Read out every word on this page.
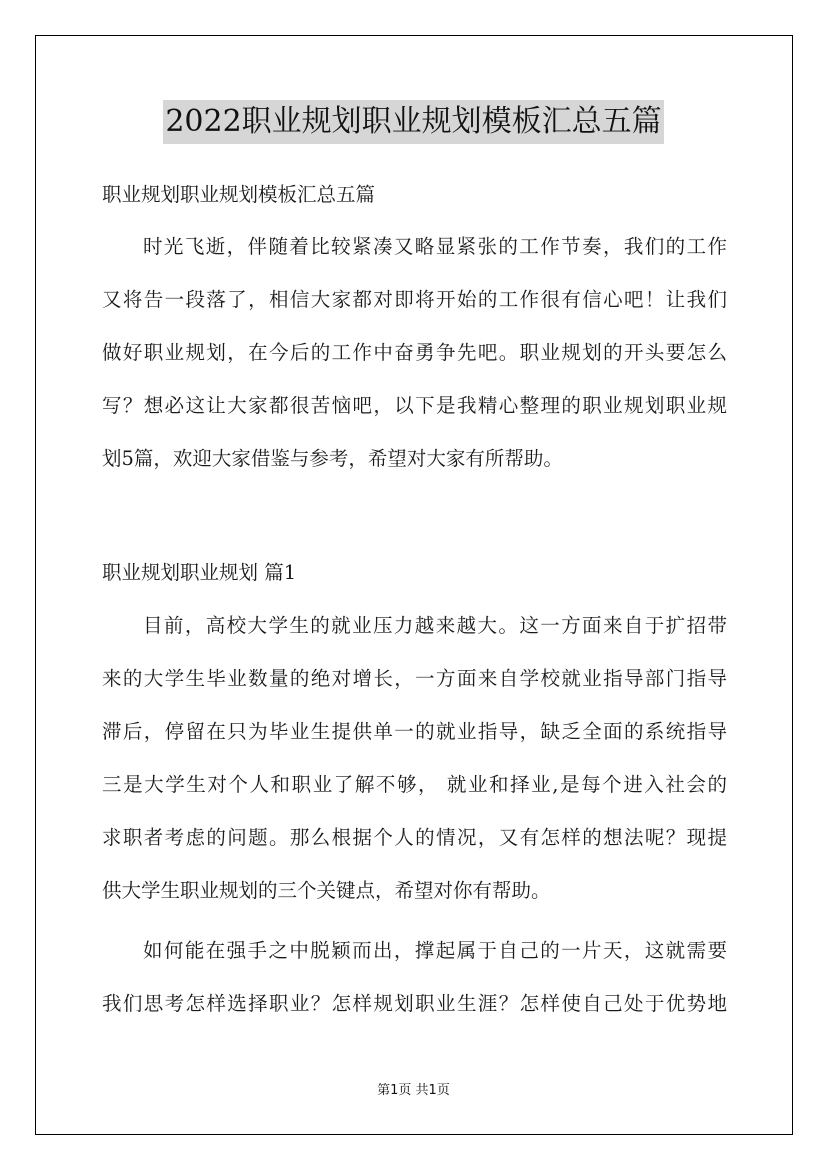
2022职业规划职业规划模板汇总五篇
职业规划职业规划模板汇总五篇
时光飞逝，伴随着比较紧凑又略显紧张的工作节奏，我们的工作
又将告一段落了，相信大家都对即将开始的工作很有信心吧！让我们
做好职业规划，在今后的工作中奋勇争先吧。职业规划的开头要怎么
写？想必这让大家都很苦恼吧，以下是我精心整理的职业规划职业规
划5篇，欢迎大家借鉴与参考，希望对大家有所帮助。
职业规划职业规划 篇1
目前，高校大学生的就业压力越来越大。这一方面来自于扩招带
来的大学生毕业数量的绝对增长，一方面来自学校就业指导部门指导
滞后，停留在只为毕业生提供单一的就业指导，缺乏全面的系统指导
三是大学生对个人和职业了解不够， 就业和择业,是每个进入社会的
求职者考虑的问题。那么根据个人的情况，又有怎样的想法呢？现提
供大学生职业规划的三个关键点，希望对你有帮助。
如何能在强手之中脱颖而出，撑起属于自己的一片天，这就需要
我们思考怎样选择职业？怎样规划职业生涯？怎样使自己处于优势地
第1页 共1页
